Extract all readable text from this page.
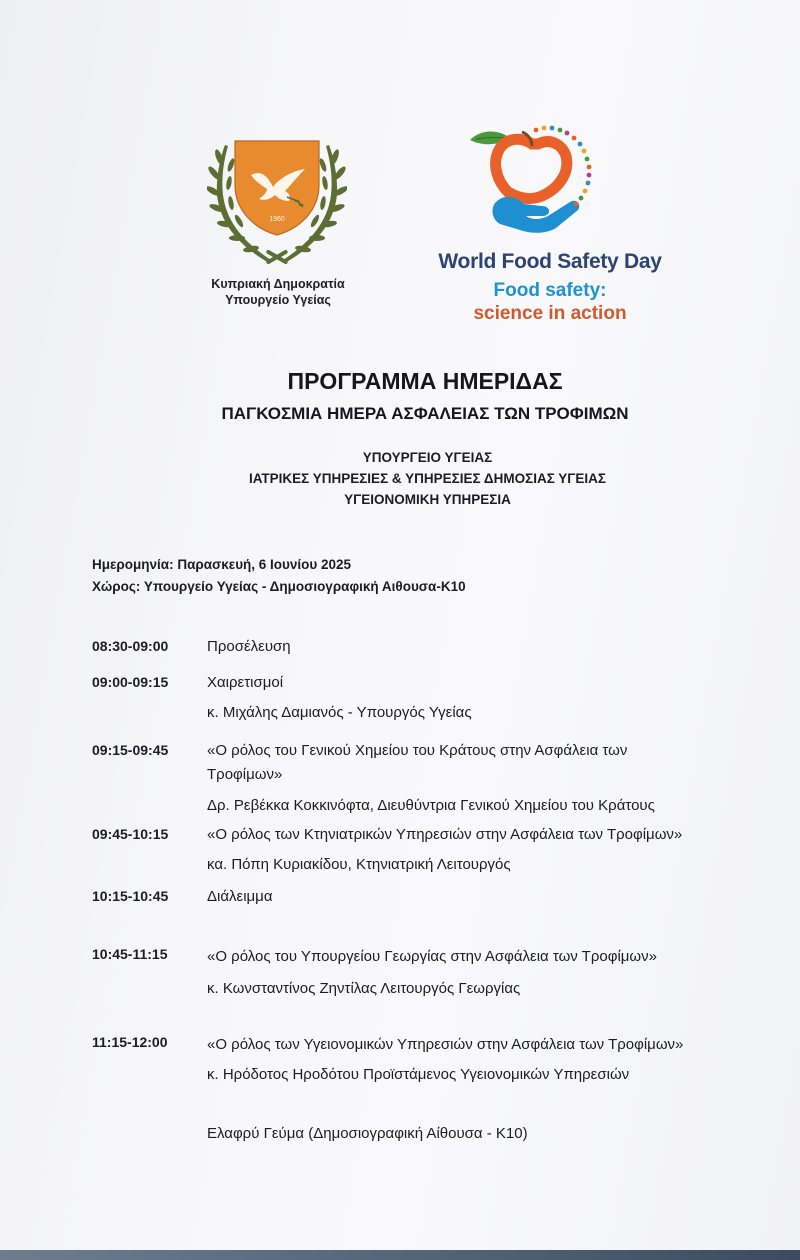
1960
Κυπριακή Δημοκρατία
Υπουργείο Υγείας
World Food Safety Day
Food safety:
science in action
ΠΡΟΓΡΑΜΜΑ ΗΜΕΡΙΔΑΣ
ΠΑΓΚΟΣΜΙΑ ΗΜΕΡΑ ΑΣΦΑΛΕΙΑΣ ΤΩΝ ΤΡΟΦΙΜΩΝ
ΥΠΟΥΡΓΕΙΟ ΥΓΕΙΑΣ
ΙΑΤΡΙΚΕΣ ΥΠΗΡΕΣΙΕΣ & ΥΠΗΡΕΣΙΕΣ ΔΗΜΟΣΙΑΣ ΥΓΕΙΑΣ
ΥΓΕΙΟΝΟΜΙΚΗ ΥΠΗΡΕΣΙΑ
Ημερομηνία: Παρασκευή, 6 Ιουνίου 2025
Χώρος: Υπουργείο Υγείας - Δημοσιογραφική Αιθουσα-Κ10
08:30-09:00	Προσέλευση
09:00-09:15	Χαιρετισμοί
κ. Μιχάλης Δαμιανός - Υπουργός Υγείας
09:15-09:45	«Ο ρόλος του Γενικού Χημείου του Κράτους στην Ασφάλεια των
Τροφίμων»
Δρ. Ρεβέκκα Κοκκινόφτα, Διευθύντρια Γενικού Χημείου του Κράτους
09:45-10:15	«Ο ρόλος των Κτηνιατρικών Υπηρεσιών στην Ασφάλεια των Τροφίμων»
κα. Πόπη Κυριακίδου, Κτηνιατρική Λειτουργός
10:15-10:45	Διάλειμμα
10:45-11:15	«Ο ρόλος του Υπουργείου Γεωργίας στην Ασφάλεια των Τροφίμων»
κ. Κωνσταντίνος Ζηντίλας Λειτουργός Γεωργίας
11:15-12:00	«Ο ρόλος των Υγειονομικών Υπηρεσιών στην Ασφάλεια των Τροφίμων»
κ. Ηρόδοτος Ηροδότου Προϊστάμενος Υγειονομικών Υπηρεσιών
Ελαφρύ Γεύμα (Δημοσιογραφική Αίθουσα - Κ10)
